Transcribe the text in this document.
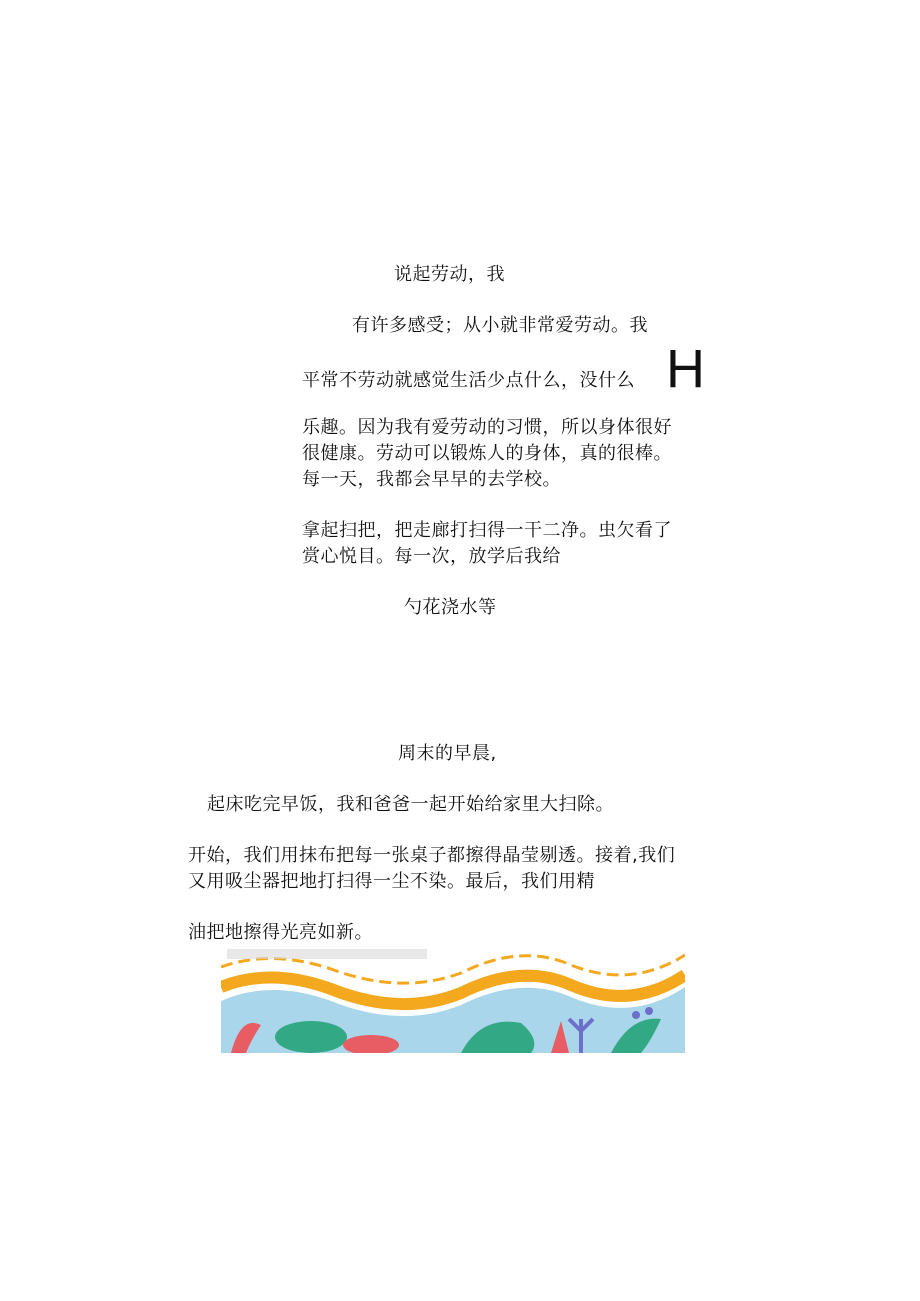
说起劳动，我
有许多感受；从小就非常爱劳动。我
平常不劳动就感觉生活少点什么，没什么 H
乐趣。因为我有爱劳动的习惯，所以身体很好
很健康。劳动可以锻炼人的身体，真的很棒。
每一天，我都会早早的去学校。
拿起扫把，把走廊打扫得一干二净。虫欠看了
赏心悦目。每一次，放学后我给
勺花浇水等
周末的早晨,
起床吃完早饭，我和爸爸一起开始给家里大扫除。
开始，我们用抹布把每一张桌子都擦得晶莹剔透。接着,我们
又用吸尘器把地打扫得一尘不染。最后，我们用精
油把地擦得光亮如新。
